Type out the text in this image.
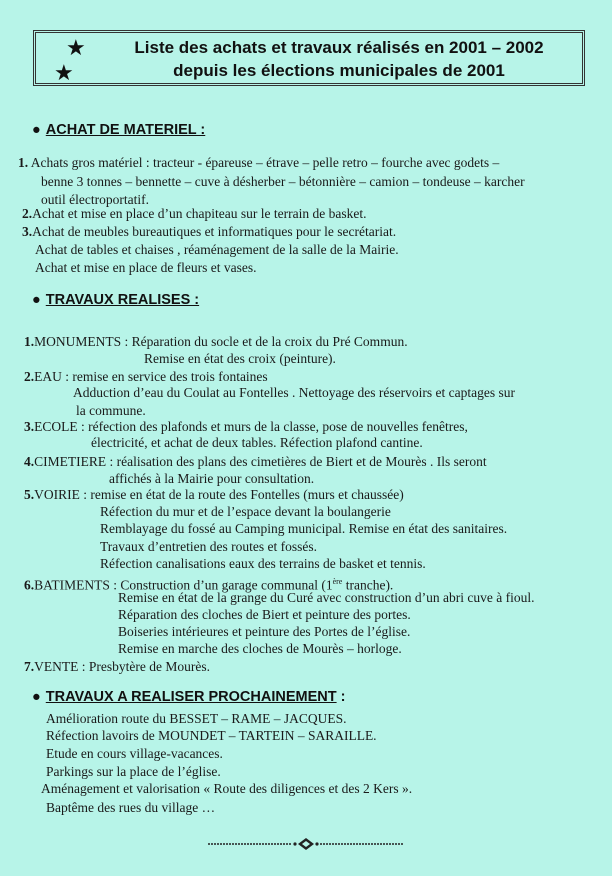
★
★
Liste des achats et travaux réalisés en 2001 – 2002
depuis les élections municipales de 2001
● ACHAT DE MATERIEL :
1. Achats gros matériel : tracteur - épareuse – étrave – pelle retro – fourche avec godets –
benne 3 tonnes – bennette – cuve à désherber – bétonnière – camion – tondeuse – karcher
outil électroportatif.
2.Achat et mise en place d’un chapiteau sur le terrain de basket.
3.Achat de meubles bureautiques et informatiques pour le secrétariat.
Achat de tables et chaises , réaménagement de la salle de la Mairie.
Achat et mise en place de fleurs et vases.
● TRAVAUX REALISES :
1.MONUMENTS : Réparation du socle et de la croix du Pré Commun.
Remise en état des croix (peinture).
2.EAU : remise en service des trois fontaines
Adduction d’eau du Coulat au Fontelles . Nettoyage des réservoirs et captages sur
la commune.
3.ECOLE : réfection des plafonds et murs de la classe, pose de nouvelles fenêtres,
électricité, et achat de deux tables. Réfection plafond cantine.
4.CIMETIERE : réalisation des plans des cimetières de Biert et de Mourès . Ils seront
affichés à la Mairie pour consultation.
5.VOIRIE : remise en état de la route des Fontelles (murs et chaussée)
Réfection du mur et de l’espace devant la boulangerie
Remblayage du fossé au Camping municipal. Remise en état des sanitaires.
Travaux d’entretien des routes et fossés.
Réfection canalisations eaux des terrains de basket et tennis.
6.BATIMENTS : Construction d’un garage communal (1ère tranche).
Remise en état de la grange du Curé avec construction d’un abri cuve à fioul.
Réparation des cloches de Biert et peinture des portes.
Boiseries intérieures et peinture des Portes de l’église.
Remise en marche des cloches de Mourès – horloge.
7.VENTE : Presbytère de Mourès.
● TRAVAUX A REALISER PROCHAINEMENT :
Amélioration route du BESSET – RAME – JACQUES.
Réfection lavoirs de MOUNDET – TARTEIN – SARAILLE.
Etude en cours village-vacances.
Parkings sur la place de l’église.
Aménagement et valorisation « Route des diligences et des 2 Kers ».
Baptême des rues du village …
